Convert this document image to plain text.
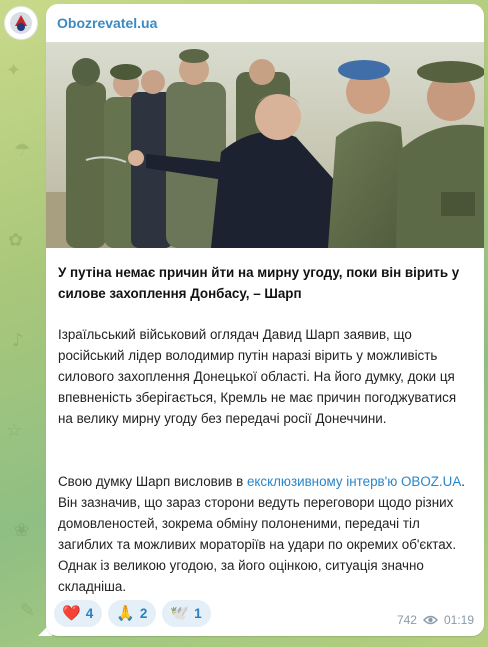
✦
☂
✿
♪
☆
❀
✎
Obozrevatel.ua
У путіна немає причин йти на мирну угоду, поки він вірить у силове захоплення Донбасу, – Шарп
Ізраїльський військовий оглядач Давид Шарп заявив, що російський лідер володимир путін наразі вірить у можливість силового захоплення Донецької області. На його думку, доки ця впевненість зберігається, Кремль не має причин погоджуватися на велику мирну угоду без передачі росії Донеччини.
Свою думку Шарп висловив в ексклюзивному інтерв'ю OBOZ.UA. Він зазначив, що зараз сторони ведуть переговори щодо різних домовленостей, зокрема обміну полоненими, передачі тіл загиблих та можливих мораторіїв на удари по окремих об'єктах. Однак із великою угодою, за його оцінкою, ситуація значно складніша.
❤️ 4 🙏 2 🕊️ 1	742 01:19
